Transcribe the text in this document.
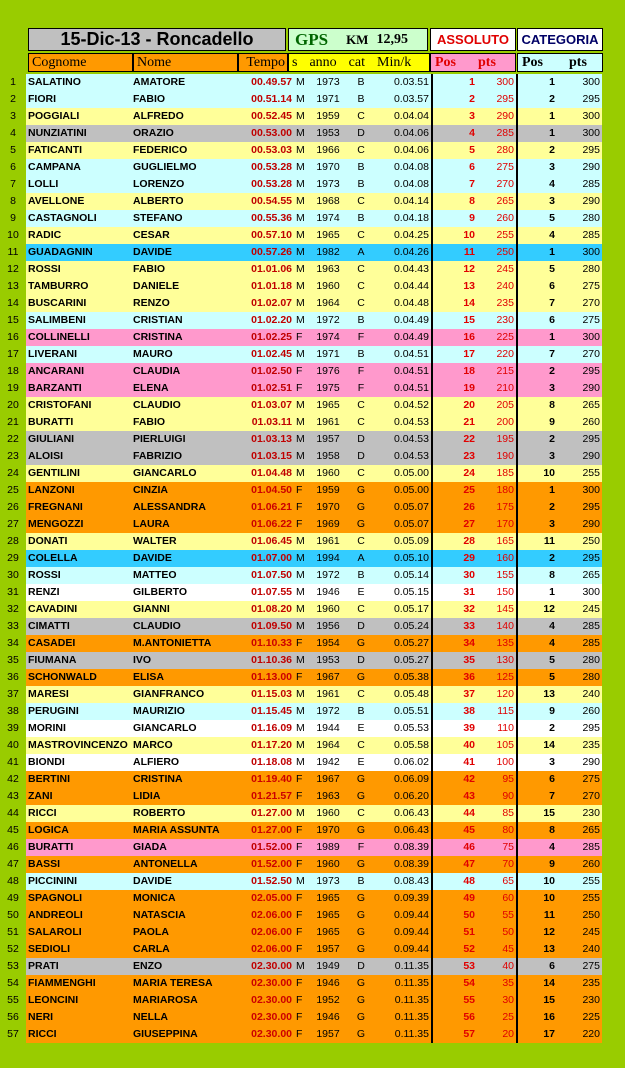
15-Dic-13 - Roncadello GPS KM 12,95 ASSOLUTO CATEGORIA
Cognome	Nome	Tempo s anno cat Min/k Pos pts Pos pts
1	SALATINO	AMATORE	00.49.57	M	1973	B	0.03.51	1	300	1	300
2	FIORI	FABIO	00.51.14	M	1971	B	0.03.57	2	295	2	295
3	POGGIALI	ALFREDO	00.52.45	M	1959	C	0.04.04	3	290	1	300
4	NUNZIATINI	ORAZIO	00.53.00	M	1953	D	0.04.06	4	285	1	300
5	FATICANTI	FEDERICO	00.53.03	M	1966	C	0.04.06	5	280	2	295
6	CAMPANA	GUGLIELMO	00.53.28	M	1970	B	0.04.08	6	275	3	290
7	LOLLI	LORENZO	00.53.28	M	1973	B	0.04.08	7	270	4	285
8	AVELLONE	ALBERTO	00.54.55	M	1968	C	0.04.14	8	265	3	290
9	CASTAGNOLI	STEFANO	00.55.36	M	1974	B	0.04.18	9	260	5	280
10	RADIC	CESAR	00.57.10	M	1965	C	0.04.25	10	255	4	285
11	GUADAGNIN	DAVIDE	00.57.26	M	1982	A	0.04.26	11	250	1	300
12	ROSSI	FABIO	01.01.06	M	1963	C	0.04.43	12	245	5	280
13	TAMBURRO	DANIELE	01.01.18	M	1960	C	0.04.44	13	240	6	275
14	BUSCARINI	RENZO	01.02.07	M	1964	C	0.04.48	14	235	7	270
15	SALIMBENI	CRISTIAN	01.02.20	M	1972	B	0.04.49	15	230	6	275
16	COLLINELLI	CRISTINA	01.02.25	F	1974	F	0.04.49	16	225	1	300
17	LIVERANI	MAURO	01.02.45	M	1971	B	0.04.51	17	220	7	270
18	ANCARANI	CLAUDIA	01.02.50	F	1976	F	0.04.51	18	215	2	295
19	BARZANTI	ELENA	01.02.51	F	1975	F	0.04.51	19	210	3	290
20	CRISTOFANI	CLAUDIO	01.03.07	M	1965	C	0.04.52	20	205	8	265
21	BURATTI	FABIO	01.03.11	M	1961	C	0.04.53	21	200	9	260
22	GIULIANI	PIERLUIGI	01.03.13	M	1957	D	0.04.53	22	195	2	295
23	ALOISI	FABRIZIO	01.03.15	M	1958	D	0.04.53	23	190	3	290
24	GENTILINI	GIANCARLO	01.04.48	M	1960	C	0.05.00	24	185	10	255
25	LANZONI	CINZIA	01.04.50	F	1959	G	0.05.00	25	180	1	300
26	FREGNANI	ALESSANDRA	01.06.21	F	1970	G	0.05.07	26	175	2	295
27	MENGOZZI	LAURA	01.06.22	F	1969	G	0.05.07	27	170	3	290
28	DONATI	WALTER	01.06.45	M	1961	C	0.05.09	28	165	11	250
29	COLELLA	DAVIDE	01.07.00	M	1994	A	0.05.10	29	160	2	295
30	ROSSI	MATTEO	01.07.50	M	1972	B	0.05.14	30	155	8	265
31	RENZI	GILBERTO	01.07.55	M	1946	E	0.05.15	31	150	1	300
32	CAVADINI	GIANNI	01.08.20	M	1960	C	0.05.17	32	145	12	245
33	CIMATTI	CLAUDIO	01.09.50	M	1956	D	0.05.24	33	140	4	285
34	CASADEI	M.ANTONIETTA	01.10.33	F	1954	G	0.05.27	34	135	4	285
35	FIUMANA	IVO	01.10.36	M	1953	D	0.05.27	35	130	5	280
36	SCHONWALD	ELISA	01.13.00	F	1967	G	0.05.38	36	125	5	280
37	MARESI	GIANFRANCO	01.15.03	M	1961	C	0.05.48	37	120	13	240
38	PERUGINI	MAURIZIO	01.15.45	M	1972	B	0.05.51	38	115	9	260
39	MORINI	GIANCARLO	01.16.09	M	1944	E	0.05.53	39	110	2	295
40	MASTROVINCENZO	MARCO	01.17.20	M	1964	C	0.05.58	40	105	14	235
41	BIONDI	ALFIERO	01.18.08	M	1942	E	0.06.02	41	100	3	290
42	BERTINI	CRISTINA	01.19.40	F	1967	G	0.06.09	42	95	6	275
43	ZANI	LIDIA	01.21.57	F	1963	G	0.06.20	43	90	7	270
44	RICCI	ROBERTO	01.27.00	M	1960	C	0.06.43	44	85	15	230
45	LOGICA	MARIA ASSUNTA	01.27.00	F	1970	G	0.06.43	45	80	8	265
46	BURATTI	GIADA	01.52.00	F	1989	F	0.08.39	46	75	4	285
47	BASSI	ANTONELLA	01.52.00	F	1960	G	0.08.39	47	70	9	260
48	PICCININI	DAVIDE	01.52.50	M	1973	B	0.08.43	48	65	10	255
49	SPAGNOLI	MONICA	02.05.00	F	1965	G	0.09.39	49	60	10	255
50	ANDREOLI	NATASCIA	02.06.00	F	1965	G	0.09.44	50	55	11	250
51	SALAROLI	PAOLA	02.06.00	F	1965	G	0.09.44	51	50	12	245
52	SEDIOLI	CARLA	02.06.00	F	1957	G	0.09.44	52	45	13	240
53	PRATI	ENZO	02.30.00	M	1949	D	0.11.35	53	40	6	275
54	FIAMMENGHI	MARIA TERESA	02.30.00	F	1946	G	0.11.35	54	35	14	235
55	LEONCINI	MARIAROSA	02.30.00	F	1952	G	0.11.35	55	30	15	230
56	NERI	NELLA	02.30.00	F	1946	G	0.11.35	56	25	16	225
57	RICCI	GIUSEPPINA	02.30.00	F	1957	G	0.11.35	57	20	17	220
